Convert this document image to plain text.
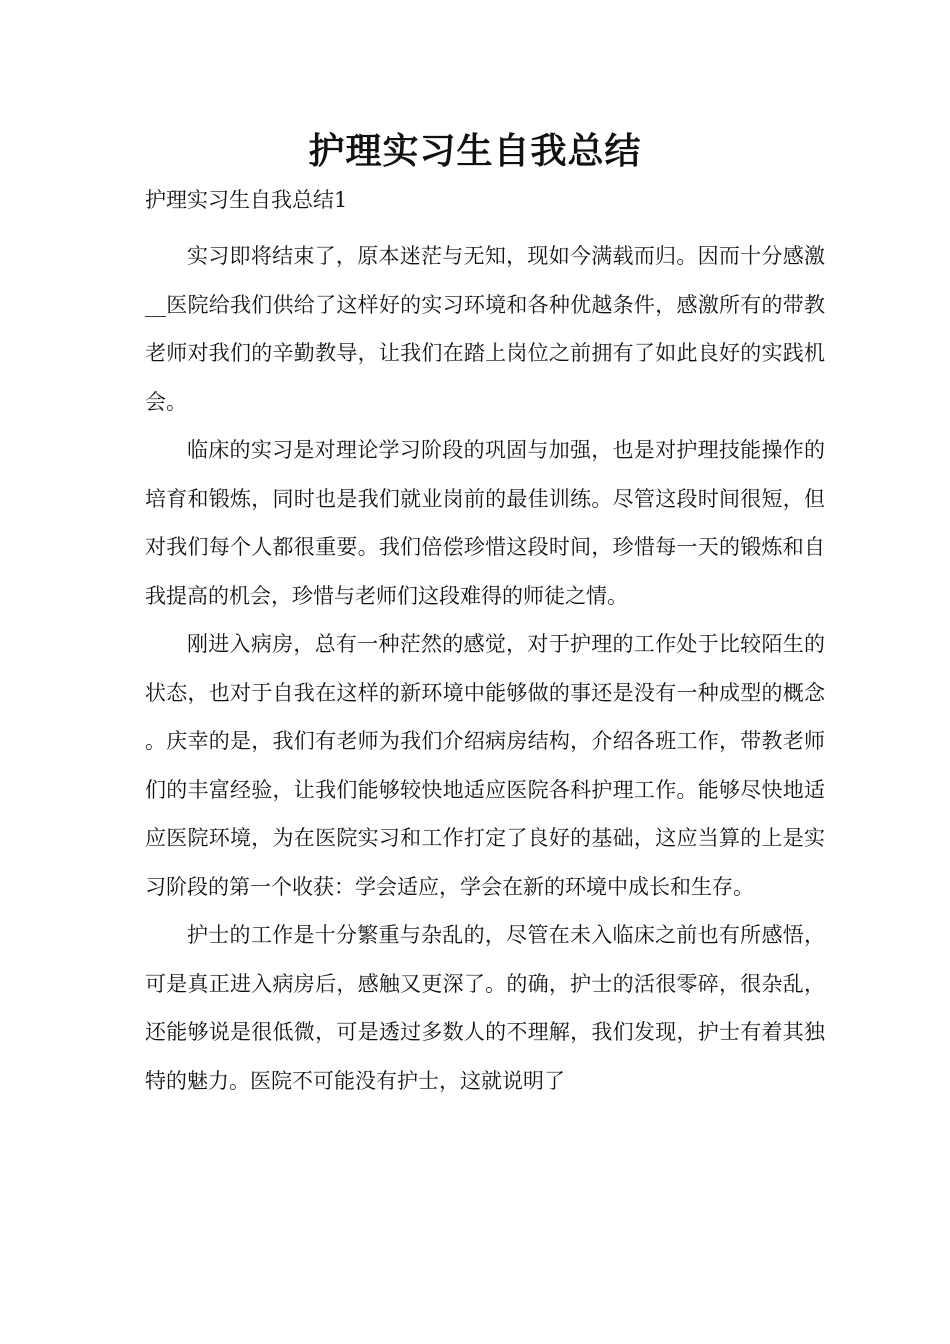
护理实习生自我总结

护理实习生自我总结1

实习即将结束了，原本迷茫与无知，现如今满载而归。因而十分感激__医院给我们供给了这样好的实习环境和各种优越条件，感激所有的带教老师对我们的辛勤教导，让我们在踏上岗位之前拥有了如此良好的实践机会。

临床的实习是对理论学习阶段的巩固与加强，也是对护理技能操作的培育和锻炼，同时也是我们就业岗前的最佳训练。尽管这段时间很短，但对我们每个人都很重要。我们倍偿珍惜这段时间，珍惜每一天的锻炼和自我提高的机会，珍惜与老师们这段难得的师徒之情。

刚进入病房，总有一种茫然的感觉，对于护理的工作处于比较陌生的状态，也对于自我在这样的新环境中能够做的事还是没有一种成型的概念。庆幸的是，我们有老师为我们介绍病房结构，介绍各班工作，带教老师们的丰富经验，让我们能够较快地适应医院各科护理工作。能够尽快地适应医院环境，为在医院实习和工作打定了良好的基础，这应当算的上是实习阶段的第一个收获：学会适应，学会在新的环境中成长和生存。

护士的工作是十分繁重与杂乱的，尽管在未入临床之前也有所感悟，可是真正进入病房后，感触又更深了。的确，护士的活很零碎，很杂乱，还能够说是很低微，可是透过多数人的不理解，我们发现，护士有着其独特的魅力。医院不可能没有护士，这就说明了
